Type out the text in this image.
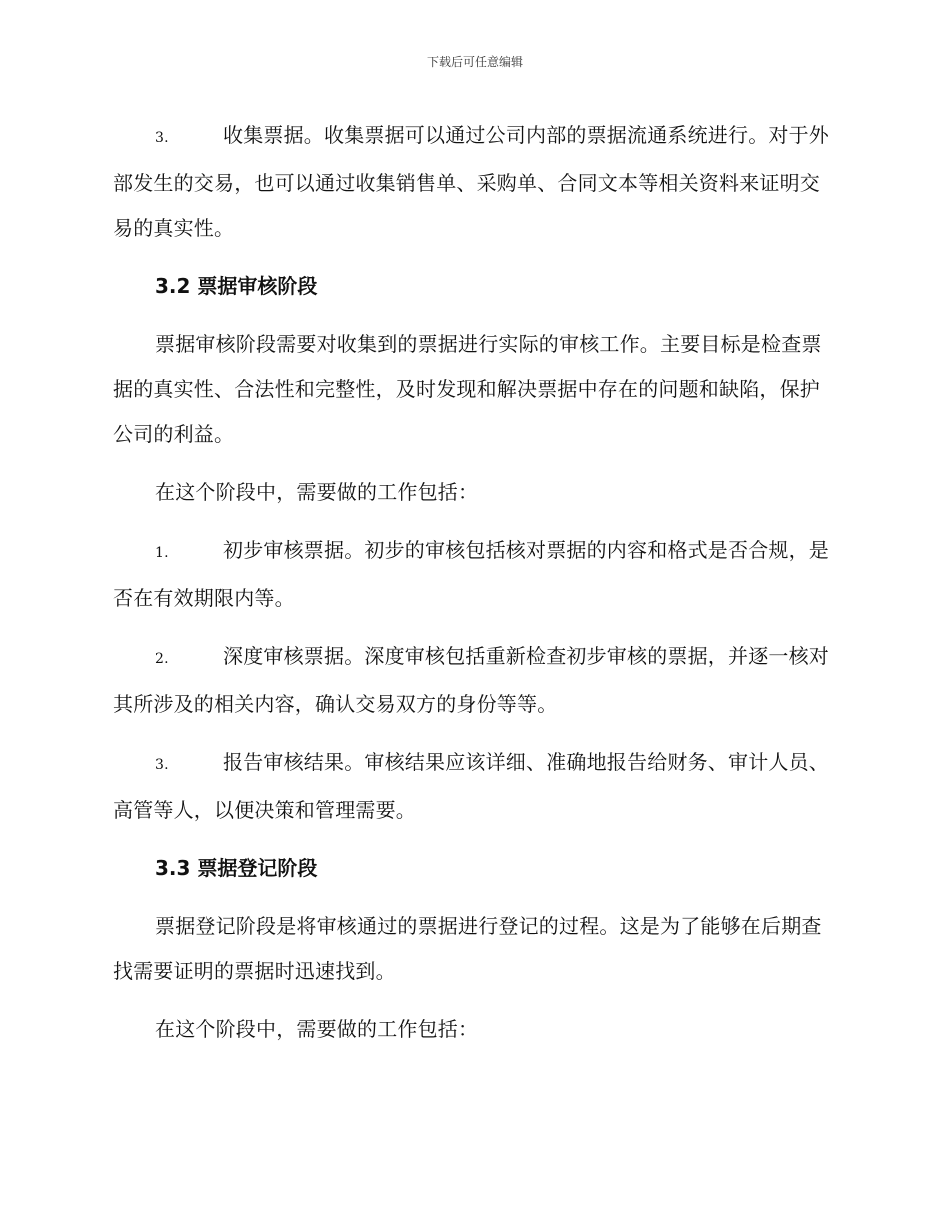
下载后可任意编辑

3.	收集票据。收集票据可以通过公司内部的票据流通系统进行。对于外部发生的交易，也可以通过收集销售单、采购单、合同文本等相关资料来证明交易的真实性。

3.2 票据审核阶段

票据审核阶段需要对收集到的票据进行实际的审核工作。主要目标是检查票据的真实性、合法性和完整性，及时发现和解决票据中存在的问题和缺陷，保护公司的利益。

在这个阶段中，需要做的工作包括：

1.	初步审核票据。初步的审核包括核对票据的内容和格式是否合规，是否在有效期限内等。

2.	深度审核票据。深度审核包括重新检查初步审核的票据，并逐一核对其所涉及的相关内容，确认交易双方的身份等等。

3.	报告审核结果。审核结果应该详细、准确地报告给财务、审计人员、高管等人，以便决策和管理需要。

3.3 票据登记阶段

票据登记阶段是将审核通过的票据进行登记的过程。这是为了能够在后期查找需要证明的票据时迅速找到。

在这个阶段中，需要做的工作包括：
